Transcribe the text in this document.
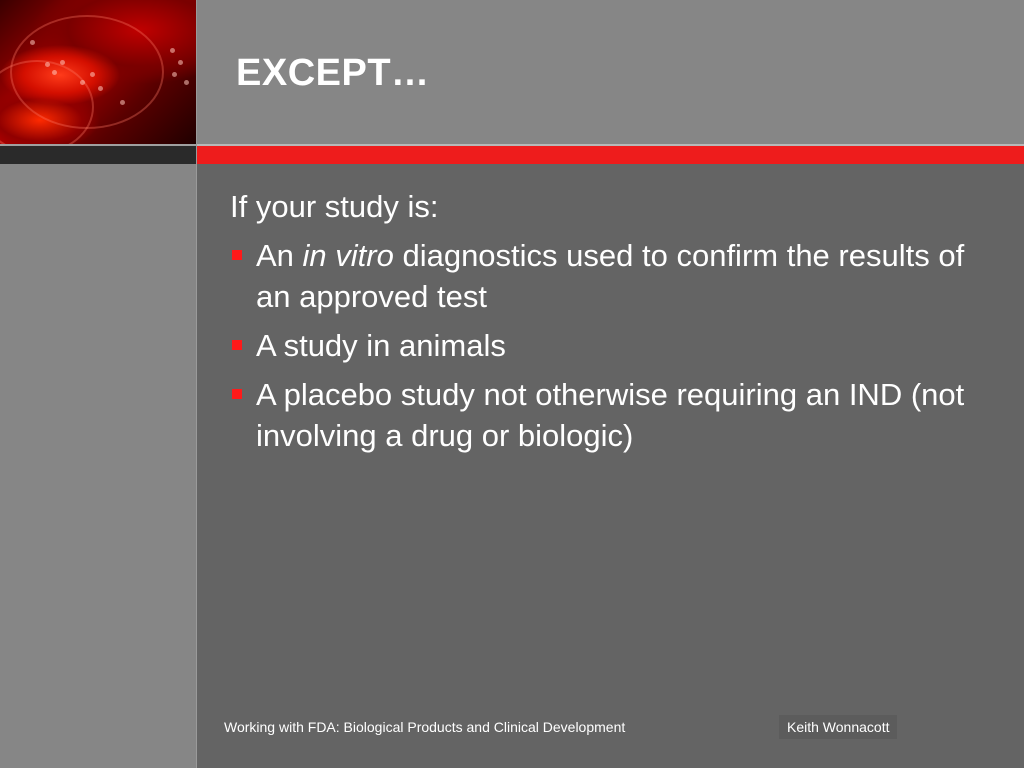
EXCEPT…

If your study is:

An in vitro diagnostics used to confirm the results of an approved test
A study in animals
A placebo study not otherwise requiring an IND (not involving a drug or biologic)
Working with FDA: Biological Products and Clinical Development	Keith Wonnacott
